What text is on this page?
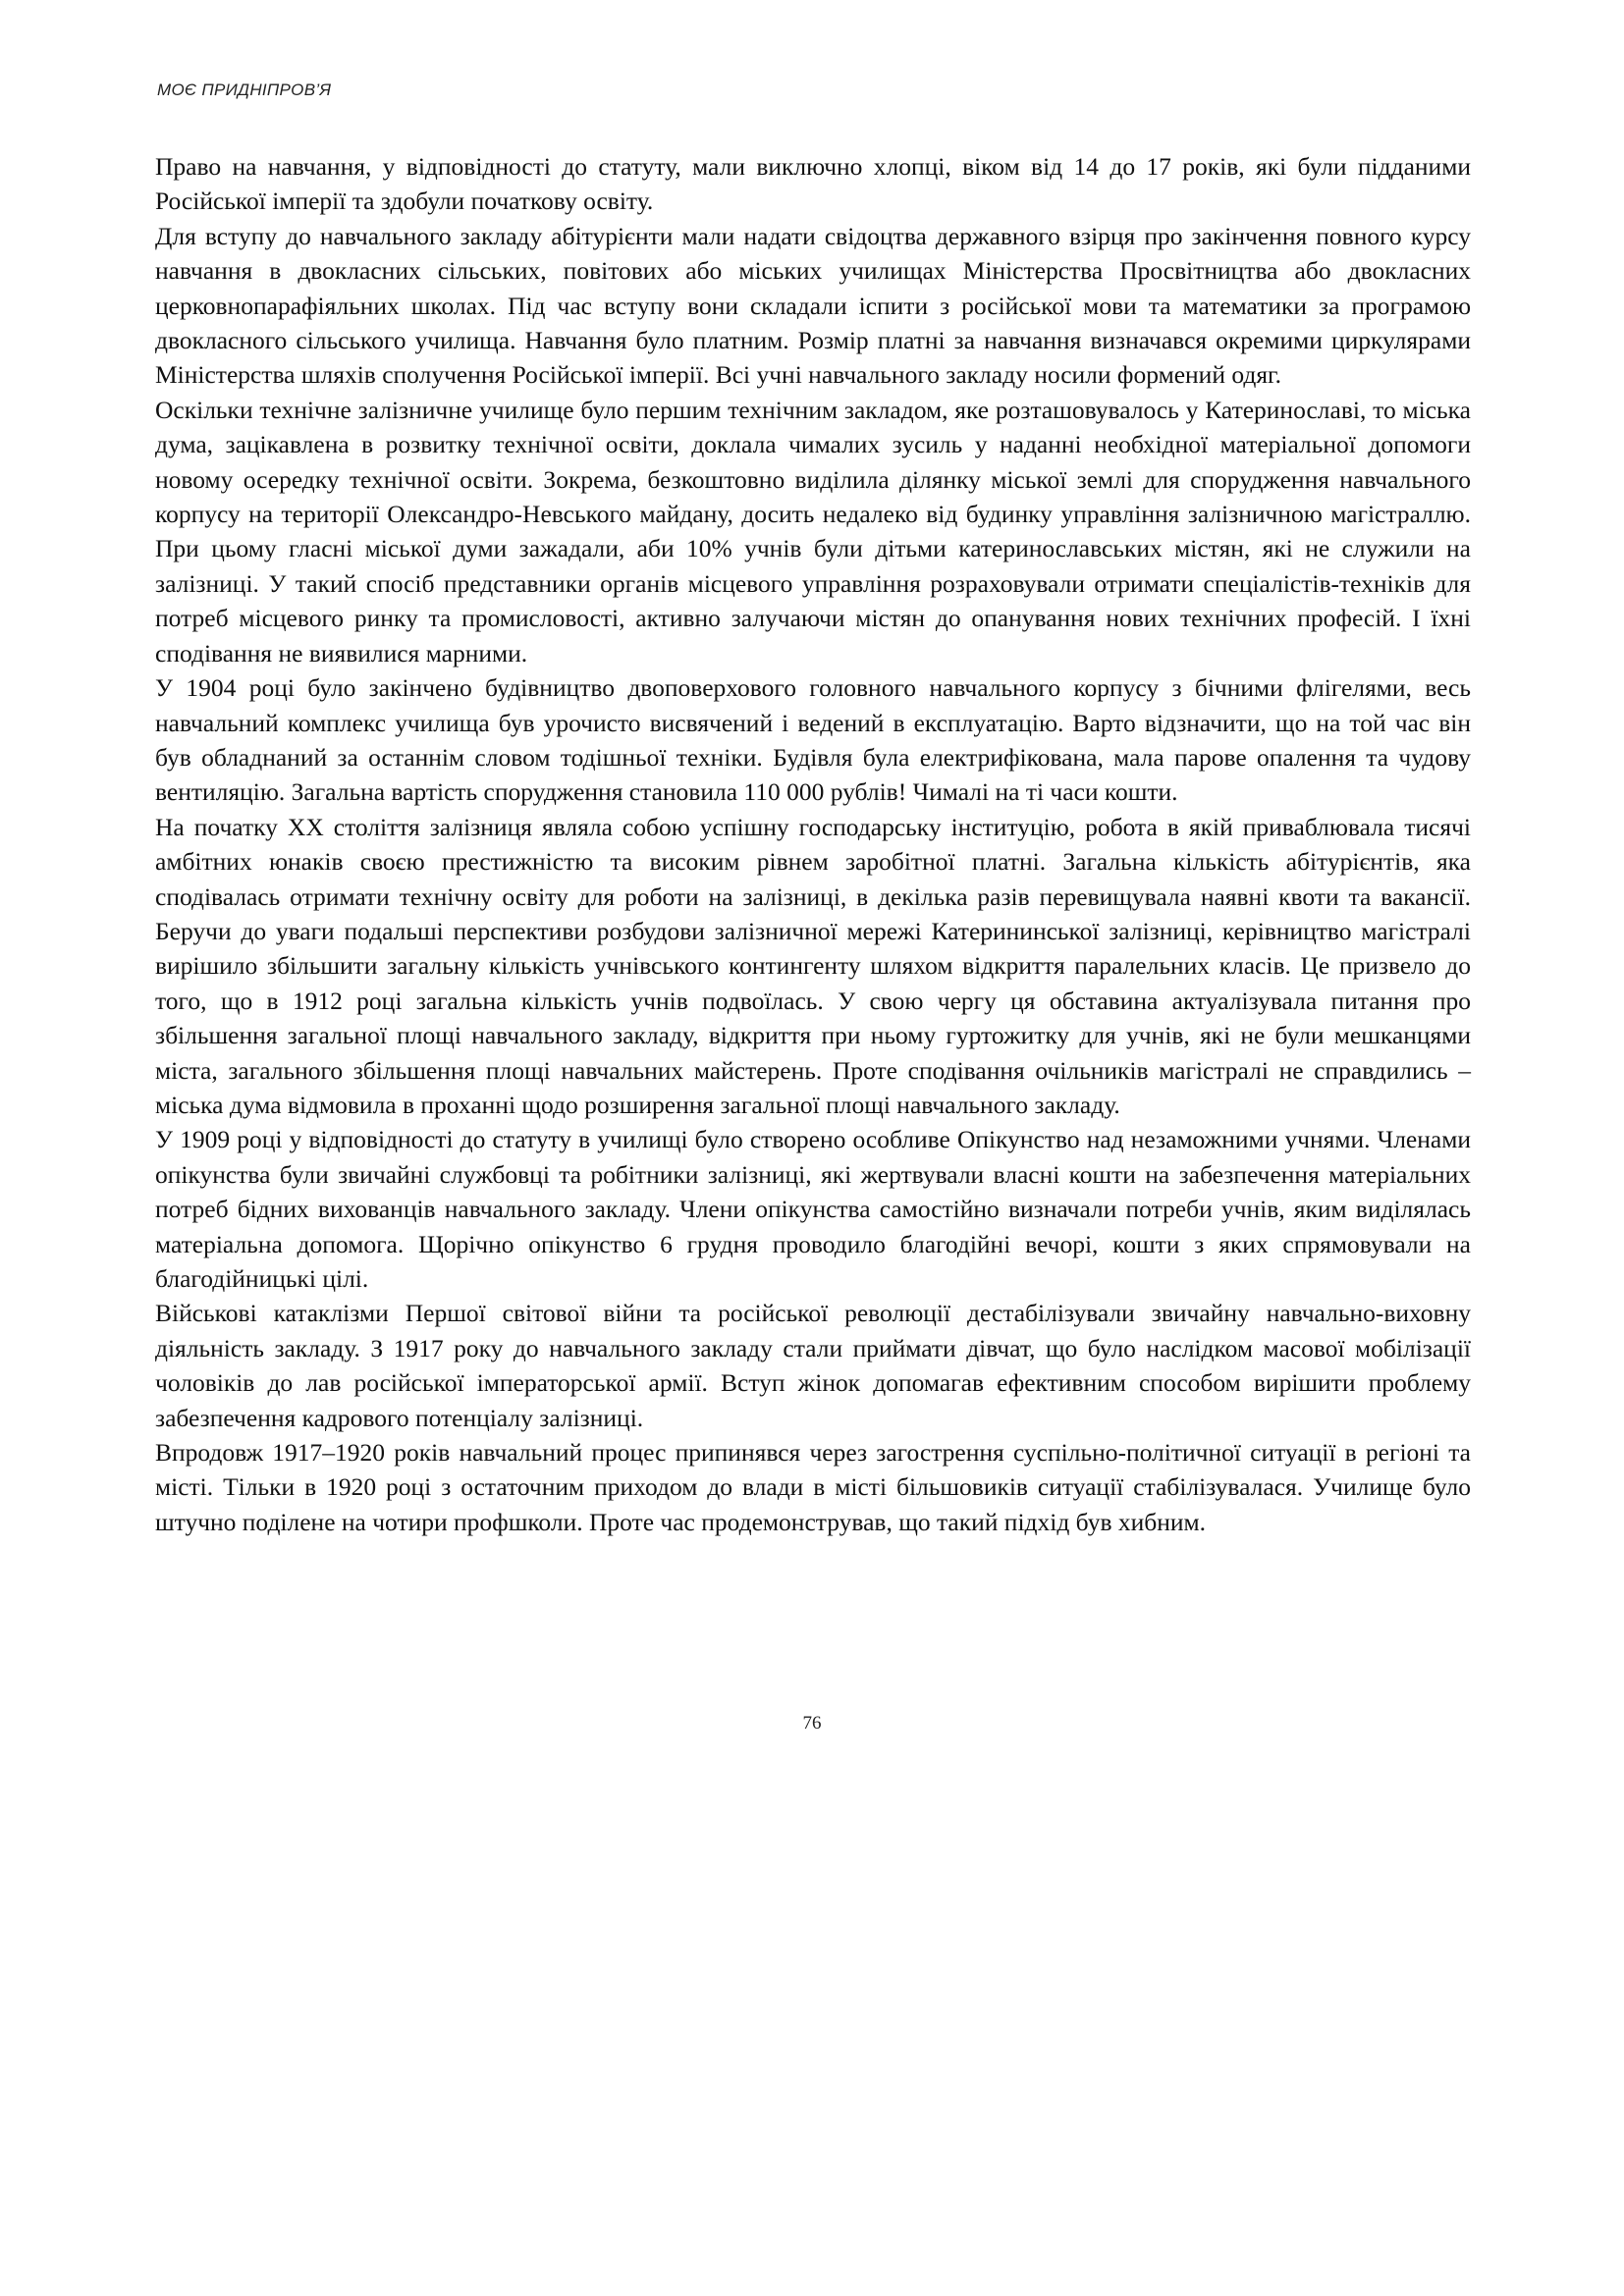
МОЄ ПРИДНІПРОВ’Я

Право на навчання, у відповідності до статуту, мали виключно хлопці, віком від 14 до 17 років, які були підданими Російської імперії та здобули початкову освіту.

Для вступу до навчального закладу абітурієнти мали надати свідоцтва державного взірця про закінчення повного курсу навчання в двокласних сільських, повітових або міських училищах Міністерства Просвітництва або двокласних церковнопарафіяльних школах. Під час вступу вони складали іспити з російської мови та математики за програмою двокласного сільського училища. Навчання було платним. Розмір платні за навчання визначався окремими циркулярами Міністерства шляхів сполучення Російської імперії. Всі учні навчального закладу носили формений одяг.

Оскільки технічне залізничне училище було першим технічним закладом, яке розташовувалось у Катеринославі, то міська дума, зацікавлена в розвитку технічної освіти, доклала чималих зусиль у наданні необхідної матеріальної допомоги новому осередку технічної освіти. Зокрема, безкоштовно виділила ділянку міської землі для спорудження навчального корпусу на території Олександро-Невського майдану, досить недалеко від будинку управління залізничною магістраллю. При цьому гласні міської думи зажадали, аби 10% учнів були дітьми катеринославських містян, які не служили на залізниці. У такий спосіб представники органів місцевого управління розраховували отримати спеціалістів-техніків для потреб місцевого ринку та промисловості, активно залучаючи містян до опанування нових технічних професій. І їхні сподівання не виявилися марними.

У 1904 році було закінчено будівництво двоповерхового головного навчального корпусу з бічними флігелями, весь навчальний комплекс училища був урочисто висвячений і ведений в експлуатацію. Варто відзначити, що на той час він був обладнаний за останнім словом тодішньої техніки. Будівля була електрифікована, мала парове опалення та чудову вентиляцію. Загальна вартість спорудження становила 110 000 рублів! Чималі на ті часи кошти.

На початку ХХ століття залізниця являла собою успішну господарську інституцію, робота в якій приваблювала тисячі амбітних юнаків своєю престижністю та високим рівнем заробітної платні. Загальна кількість абітурієнтів, яка сподівалась отримати технічну освіту для роботи на залізниці, в декілька разів перевищувала наявні квоти та вакансії. Беручи до уваги подальші перспективи розбудови залізничної мережі Катерининської залізниці, керівництво магістралі вирішило збільшити загальну кількість учнівського контингенту шляхом відкриття паралельних класів. Це призвело до того, що в 1912 році загальна кількість учнів подвоїлась. У свою чергу ця обставина актуалізувала питання про збільшення загальної площі навчального закладу, відкриття при ньому гуртожитку для учнів, які не були мешканцями міста, загального збільшення площі навчальних майстерень. Проте сподівання очільників магістралі не справдились – міська дума відмовила в проханні щодо розширення загальної площі навчального закладу.

У 1909 році у відповідності до статуту в училищі було створено особливе Опікунство над незаможними учнями. Членами опікунства були звичайні службовці та робітники залізниці, які жертвували власні кошти на забезпечення матеріальних потреб бідних вихованців навчального закладу. Члени опікунства самостійно визначали потреби учнів, яким виділялась матеріальна допомога. Щорічно опікунство 6 грудня проводило благодійні вечорі, кошти з яких спрямовували на благодійницькі цілі.

Військові катаклізми Першої світової війни та російської революції дестабілізували звичайну навчально-виховну діяльність закладу. З 1917 року до навчального закладу стали приймати дівчат, що було наслідком масової мобілізації чоловіків до лав російської імператорської армії. Вступ жінок допомагав ефективним способом вирішити проблему забезпечення кадрового потенціалу залізниці.

Впродовж 1917–1920 років навчальний процес припинявся через загострення суспільно-політичної ситуації в регіоні та місті. Тільки в 1920 році з остаточним приходом до влади в місті більшовиків ситуації стабілізувалася. Училище було штучно поділене на чотири профшколи. Проте час продемонстрував, що такий підхід був хибним.

76
